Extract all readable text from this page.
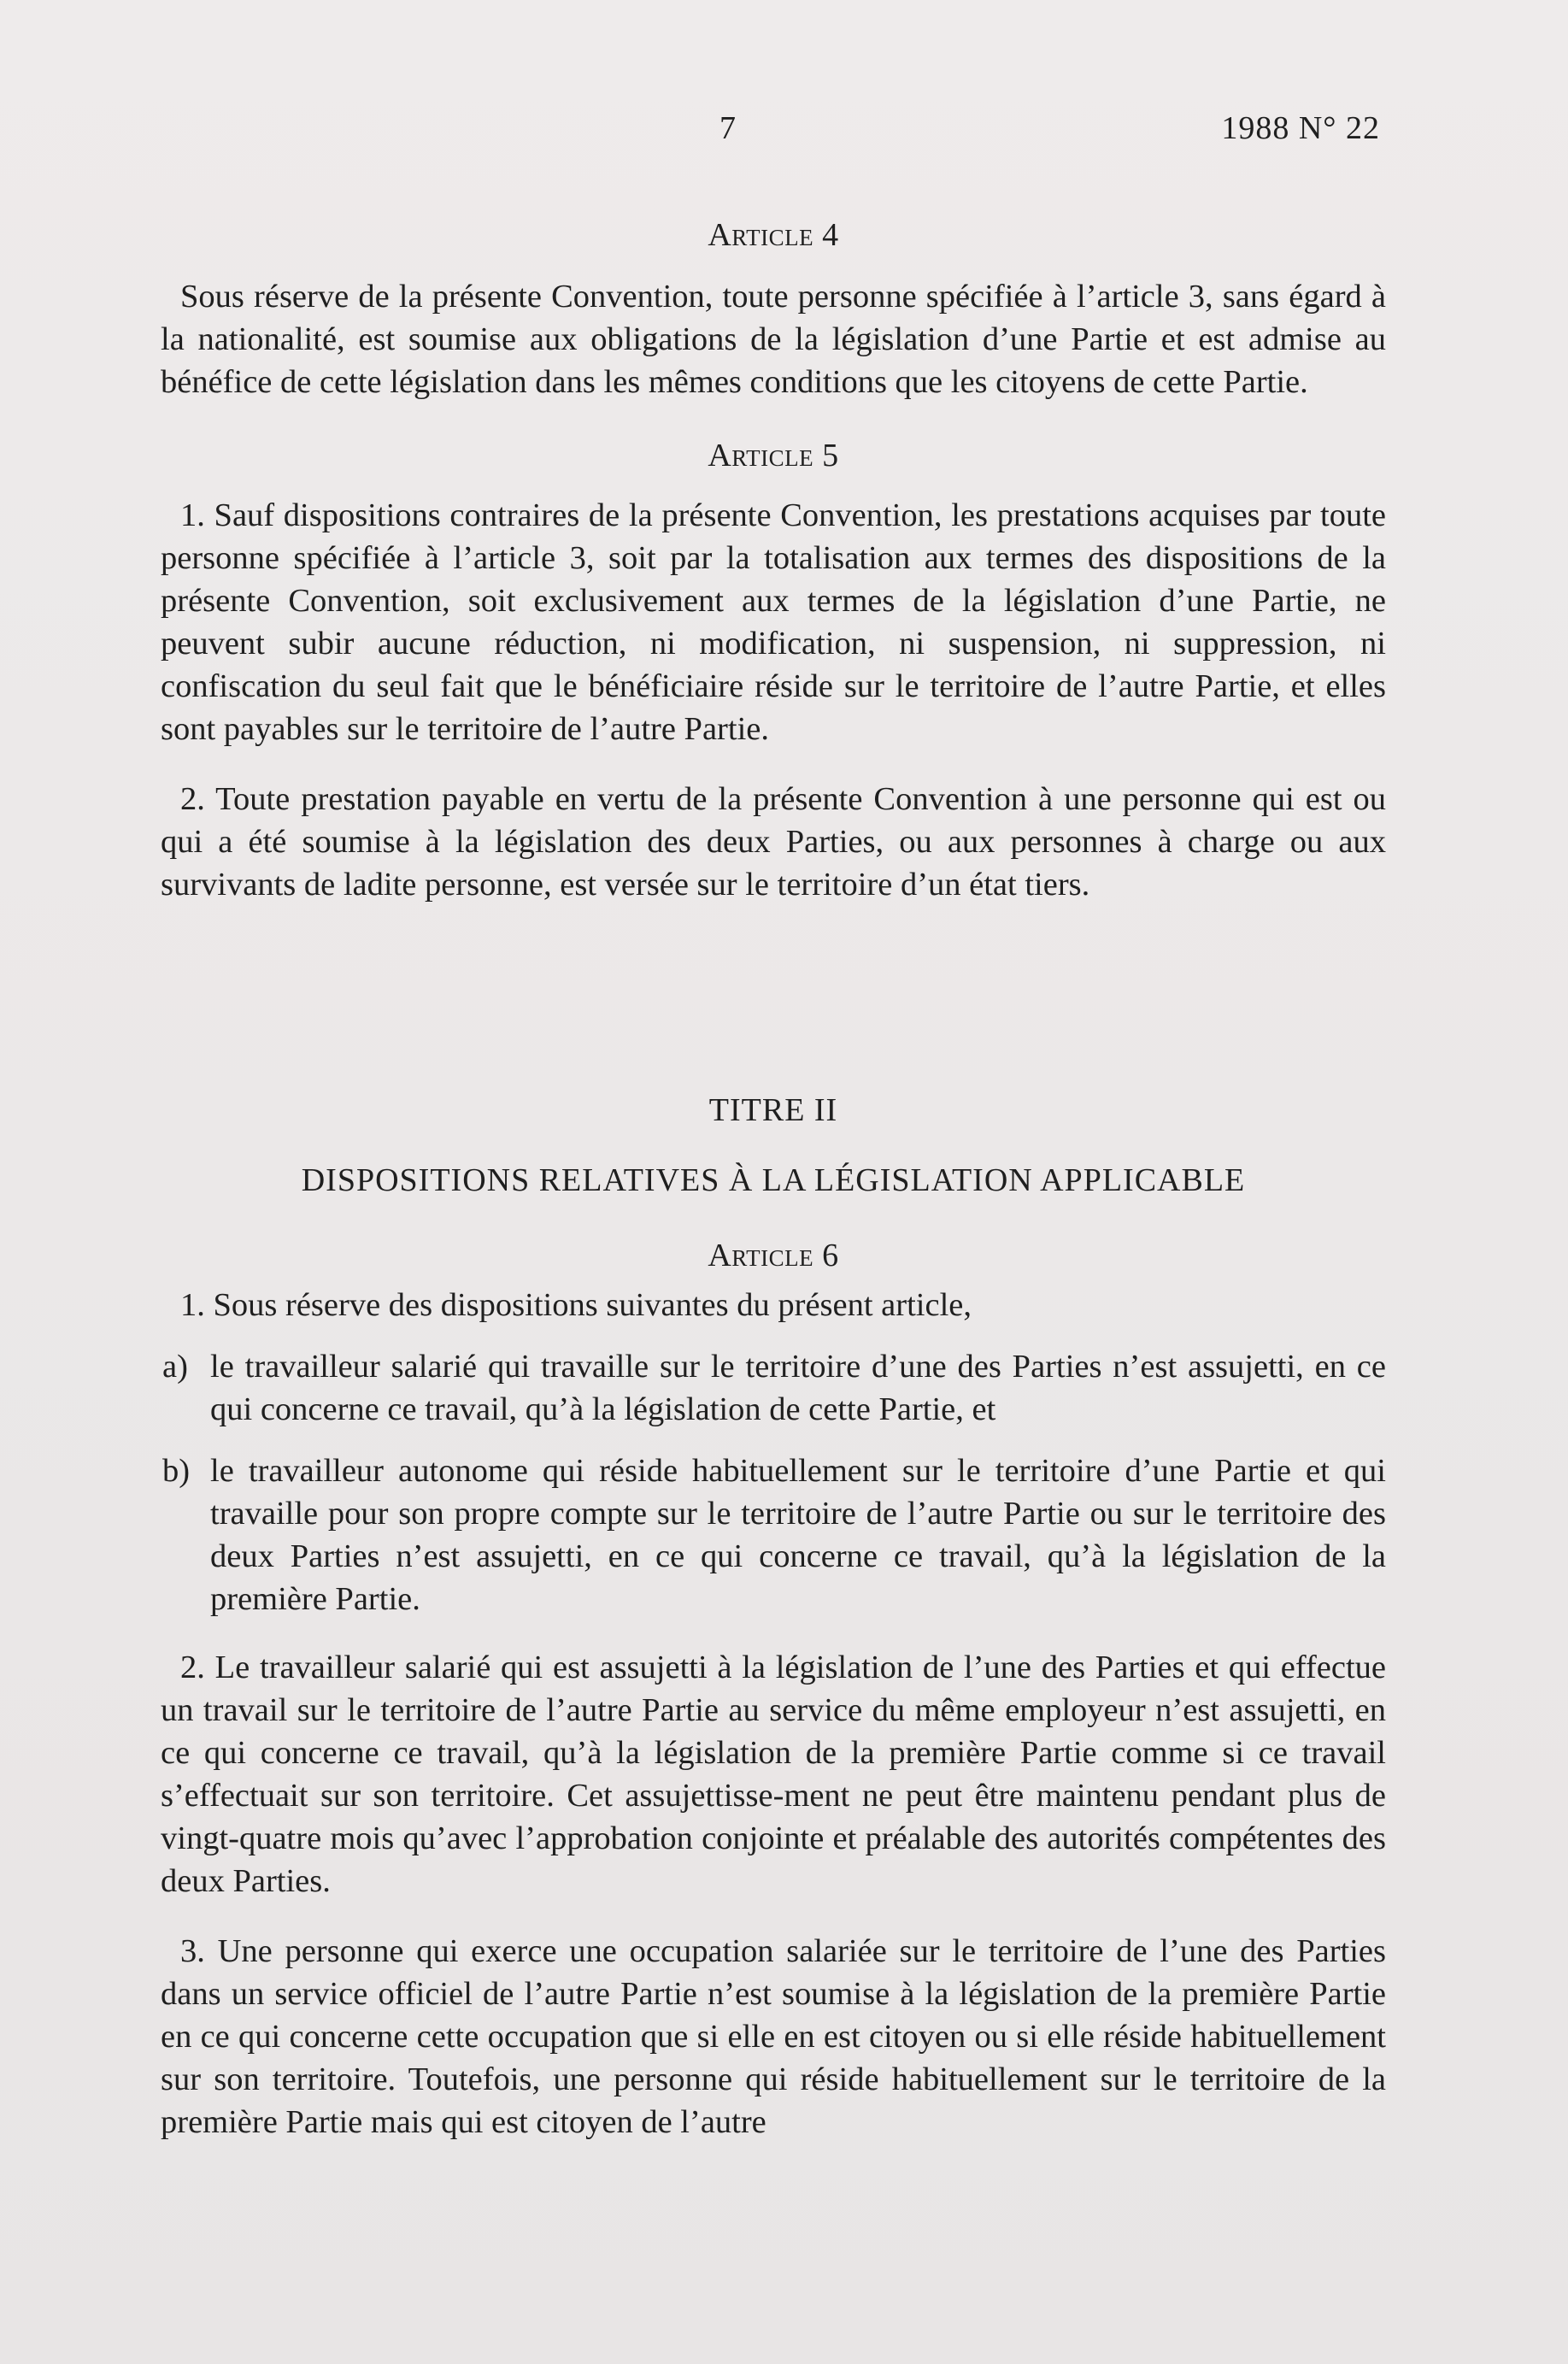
7	1988 N° 22

Article 4

Sous réserve de la présente Convention, toute personne spécifiée à l’article 3, sans égard à la nationalité, est soumise aux obligations de la législation d’une Partie et est admise au bénéfice de cette législation dans les mêmes conditions que les citoyens de cette Partie.

Article 5

1. Sauf dispositions contraires de la présente Convention, les prestations acquises par toute personne spécifiée à l’article 3, soit par la totalisation aux termes des dispositions de la présente Convention, soit exclusivement aux termes de la législation d’une Partie, ne peuvent subir aucune réduction, ni modification, ni suspension, ni suppression, ni confiscation du seul fait que le bénéficiaire réside sur le territoire de l’autre Partie, et elles sont payables sur le territoire de l’autre Partie.

2. Toute prestation payable en vertu de la présente Convention à une personne qui est ou qui a été soumise à la législation des deux Parties, ou aux personnes à charge ou aux survivants de ladite personne, est versée sur le territoire d’un état tiers.

TITRE II

DISPOSITIONS RELATIVES À LA LÉGISLATION APPLICABLE

Article 6

1. Sous réserve des dispositions suivantes du présent article,

a) le travailleur salarié qui travaille sur le territoire d’une des Parties n’est assujetti, en ce qui concerne ce travail, qu’à la législation de cette Partie, et
b) le travailleur autonome qui réside habituellement sur le territoire d’une Partie et qui travaille pour son propre compte sur le territoire de l’autre Partie ou sur le territoire des deux Parties n’est assujetti, en ce qui concerne ce travail, qu’à la législation de la première Partie.

2. Le travailleur salarié qui est assujetti à la législation de l’une des Parties et qui effectue un travail sur le territoire de l’autre Partie au service du même employeur n’est assujetti, en ce qui concerne ce travail, qu’à la législation de la première Partie comme si ce travail s’effectuait sur son territoire. Cet assujettisse-ment ne peut être maintenu pendant plus de vingt-quatre mois qu’avec l’approbation conjointe et préalable des autorités compétentes des deux Parties.

3. Une personne qui exerce une occupation salariée sur le territoire de l’une des Parties dans un service officiel de l’autre Partie n’est soumise à la législation de la première Partie en ce qui concerne cette occupation que si elle en est citoyen ou si elle réside habituellement sur son territoire. Toutefois, une personne qui réside habituellement sur le territoire de la première Partie mais qui est citoyen de l’autre
